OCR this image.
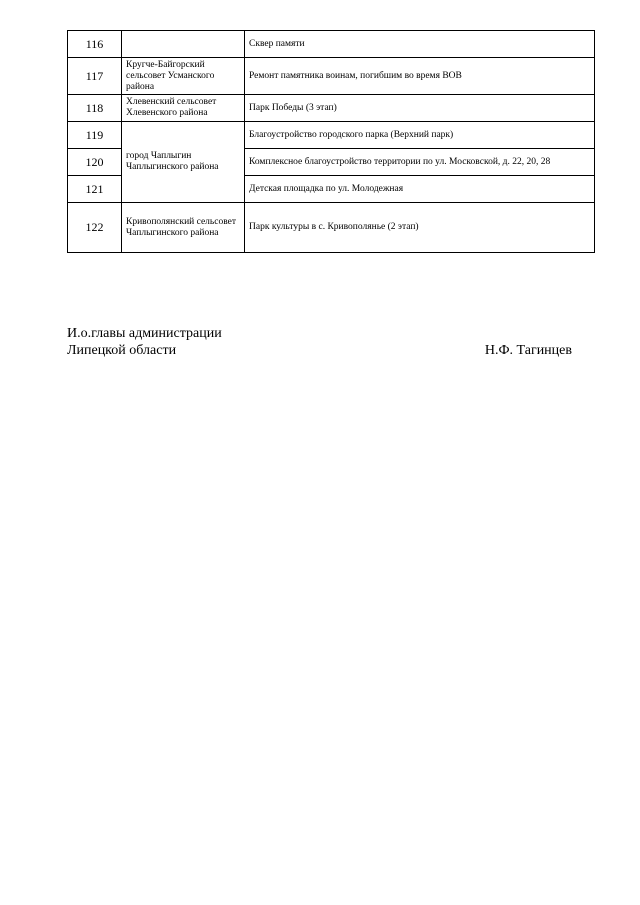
116		Сквер памяти
117	Кругче-Байгорский сельсовет Усманского района	Ремонт памятника воинам, погибшим во время ВОВ
118	Хлевенский сельсовет Хлевенского района	Парк Победы (3 этап)
119	город Чаплыгин Чаплыгинского района	Благоустройство городского парка (Верхний парк)
120		Комплексное благоустройство территории по ул. Московской, д. 22, 20, 28
121		Детская площадка по ул. Молодежная
122	Кривополянский сельсовет Чаплыгинского района	Парк культуры в с. Кривополянье (2 этап)
И.о.главы администрации
Липецкой области	Н.Ф. Тагинцев
